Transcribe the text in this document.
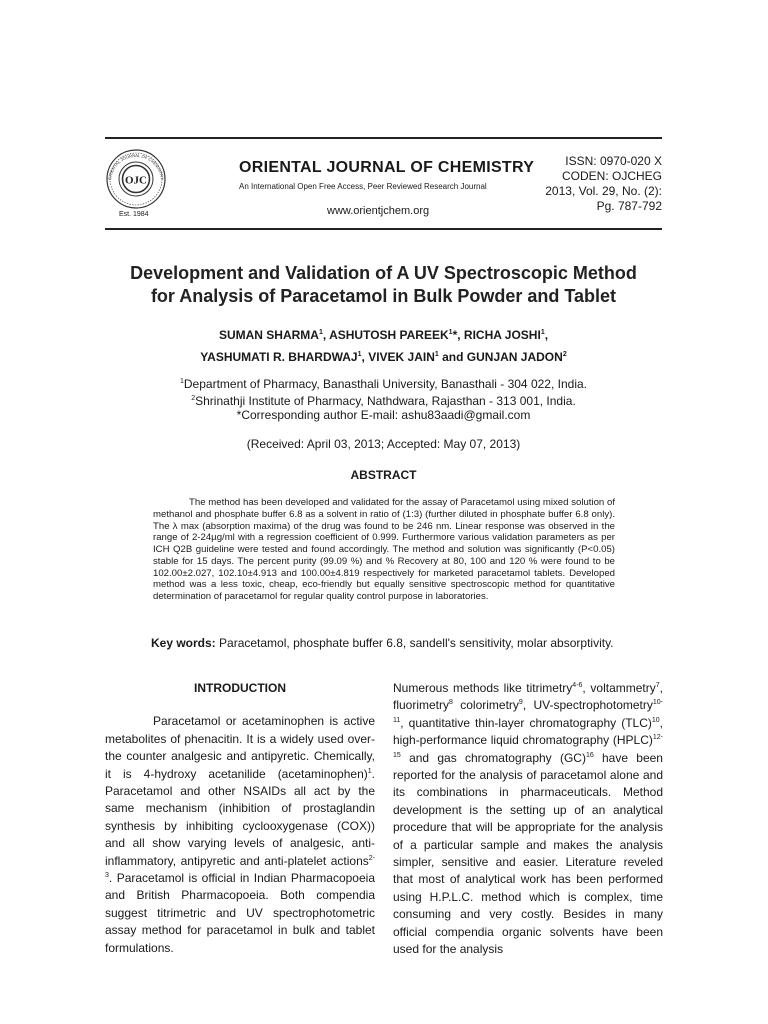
OJC
ORIENTAL JOURNAL OF CHEMISTRY
Est. 1984
ORIENTAL JOURNAL OF CHEMISTRY
An International Open Free Access, Peer Reviewed Research Journal
www.orientjchem.org
ISSN: 0970-020 X
CODEN: OJCHEG
2013, Vol. 29, No. (2):
Pg. 787-792
Development and Validation of A UV Spectroscopic Method
for Analysis of Paracetamol in Bulk Powder and Tablet
SUMAN SHARMA$^1$, ASHUTOSH PAREEK$^1$*, RICHA JOSHI$^1$,
YASHUMATI R. BHARDWAJ$^1$, VIVEK JAIN$^1$ and GUNJAN JADON$^2$
$^1$Department of Pharmacy, Banasthali University, Banasthali - 304 022, India.
$^2$Shrinathji Institute of Pharmacy, Nathdwara, Rajasthan - 313 001, India.
*Corresponding author E-mail: ashu83aadi@gmail.com
(Received: April 03, 2013; Accepted: May 07, 2013)
ABSTRACT

The method has been developed and validated for the assay of Paracetamol using mixed solution of methanol and phosphate buffer 6.8 as a solvent in ratio of (1:3) (further diluted in phosphate buffer 6.8 only). The λ max (absorption maxima) of the drug was found to be 246 nm. Linear response was observed in the range of 2-24µg/ml with a regression coefficient of 0.999. Furthermore various validation parameters as per ICH Q2B guideline were tested and found accordingly. The method and solution was significantly (P<0.05) stable for 15 days. The percent purity (99.09 %) and % Recovery at 80, 100 and 120 % were found to be 102.00±2.027, 102.10±4.913 and 100.00±4.819 respectively for marketed paracetamol tablets. Developed method was a less toxic, cheap, eco-friendly but equally sensitive spectroscopic method for quantitative determination of paracetamol for regular quality control purpose in laboratories.

Key words: Paracetamol, phosphate buffer 6.8, sandell's sensitivity, molar absorptivity.
INTRODUCTION

Paracetamol or acetaminophen is active metabolites of phenacitin. It is a widely used over-the counter analgesic and antipyretic. Chemically, it is 4-hydroxy acetanilide (acetaminophen)$^1$. Paracetamol and other NSAIDs all act by the same mechanism (inhibition of prostaglandin synthesis by inhibiting cyclooxygenase (COX)) and all show varying levels of analgesic, anti-inflammatory, antipyretic and anti-platelet actions$^{2-3}$. Paracetamol is official in Indian Pharmacopoeia and British Pharmacopoeia. Both compendia suggest titrimetric and UV spectrophotometric assay method for paracetamol in bulk and tablet formulations.

Numerous methods like titrimetry$^{4-6}$, voltammetry$^7$, fluorimetry$^8$ colorimetry$^9$, UV-spectrophotometry$^{10-11}$, quantitative thin-layer chromatography (TLC)$^{10}$, high-performance liquid chromatography (HPLC)$^{12-15}$ and gas chromatography (GC)$^{16}$ have been reported for the analysis of paracetamol alone and its combinations in pharmaceuticals. Method development is the setting up of an analytical procedure that will be appropriate for the analysis of a particular sample and makes the analysis simpler, sensitive and easier. Literature reveled that most of analytical work has been performed using H.P.L.C. method which is complex, time consuming and very costly. Besides in many official compendia organic solvents have been used for the analysis
